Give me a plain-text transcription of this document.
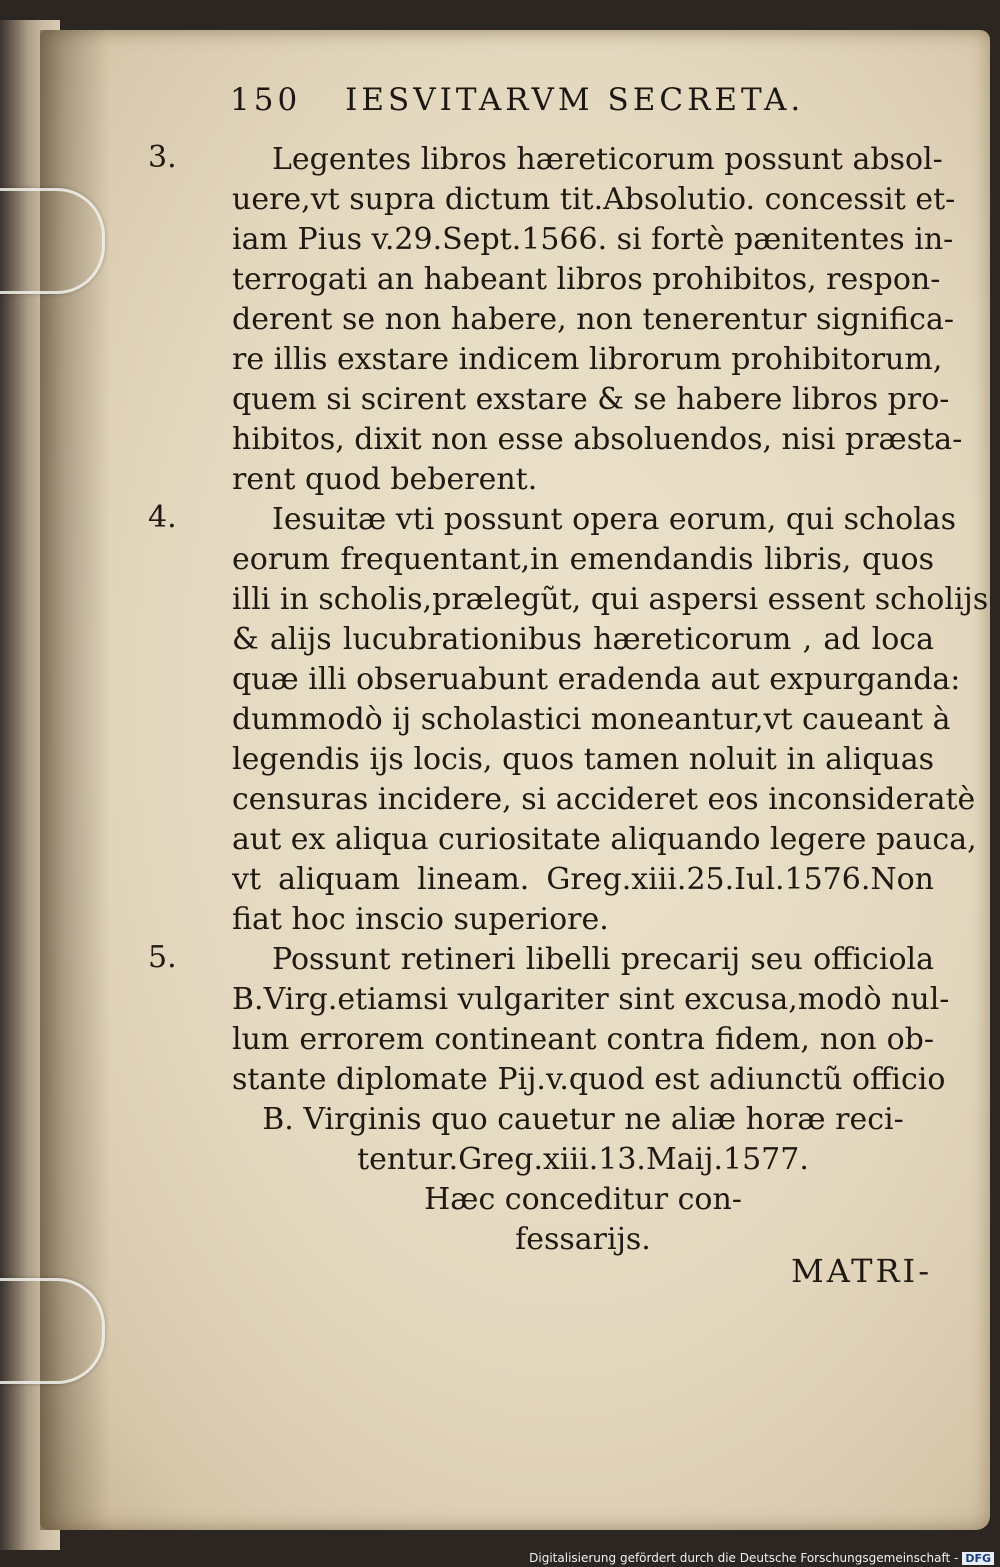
150 IESVITARVM SECRETA.
3.
4.
5.
Legentes libros hæreticorum possunt absol-
uere,vt supra dictum tit.Absolutio. concessit et-
iam Pius v.29.Sept.1566. si fortè pænitentes in-
terrogati an habeant libros prohibitos, respon-
derent se non habere, non tenerentur significa-
re illis exstare indicem librorum prohibitorum,
quem si scirent exstare & se habere libros pro-
hibitos, dixit non esse absoluendos, nisi præsta-
rent quod beberent.
Iesuitæ vti possunt opera eorum, qui scholas
eorum frequentant,in emendandis libris, quos
illi in scholis,prælegũt, qui aspersi essent scholijs
& alijs lucubrationibus hæreticorum , ad loca
quæ illi obseruabunt eradenda aut expurganda:
dummodò ij scholastici moneantur,vt caueant à
legendis ijs locis, quos tamen noluit in aliquas
censuras incidere, si accideret eos inconsideratè
aut ex aliqua curiositate aliquando legere pauca,
vt aliquam lineam. Greg.xiii.25.Iul.1576.Non
fiat hoc inscio superiore.
Possunt retineri libelli precarij seu officiola
B.Virg.etiamsi vulgariter sint excusa,modò nul-
lum errorem contineant contra fidem, non ob-
stante diplomate Pij.v.quod est adiunctũ officio
B. Virginis quo cauetur ne aliæ horæ reci-
tentur.Greg.xiii.13.Maij.1577.
Hæc conceditur con-
fessarijs.
MATRI-
Digitalisierung gefördert durch die Deutsche Forschungsgemeinschaft - DFG
